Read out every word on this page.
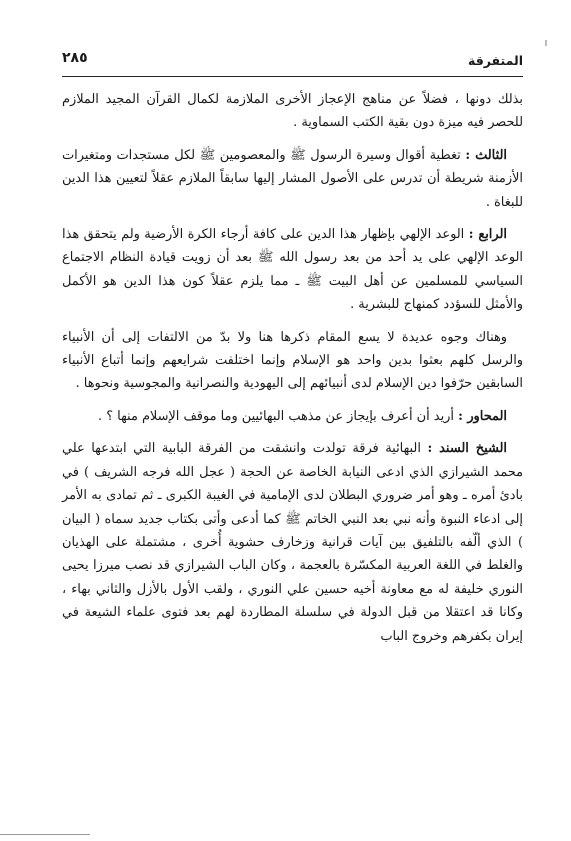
المتفرقة
٢٨٥

بذلك دونها ، فضلاً عن مناهج الإعجاز الأخرى الملازمة لكمال القرآن المجيد الملازم للحصر فيه ميزة دون بقية الكتب السماوية .

الثالث : تغطية أقوال وسيرة الرسول ﷺ والمعصومين ﷺ لكل مستجدات ومتغيرات الأزمنة شريطة أن تدرس على الأصول المشار إليها سابقاً الملازم عقلاً لتعيين هذا الدين للبغاة .

الرابع : الوعد الإلهي بإظهار هذا الدين على كافة أرجاء الكرة الأرضية ولم يتحقق هذا الوعد الإلهي على يد أحد من بعد رسول الله ﷺ بعد أن زويت قيادة النظام الاجتماع السياسي للمسلمين عن أهل البيت ﷺ ـ مما يلزم عقلاً كون هذا الدين هو الأكمل والأمثل للسؤدد كمنهاج للبشرية .

وهناك وجوه عديدة لا يسع المقام ذكرها هنا ولا بدّ من الالتفات إلى أن الأنبياء والرسل كلهم بعثوا بدين واحد هو الإسلام وإنما اختلفت شرايعهم وإنما أتباع الأنبياء السابقين حرّفوا دين الإسلام لدى أنبيائهم إلى اليهودية والنصرانية والمجوسية ونحوها .

المحاور : أريد أن أعرف بإيجاز عن مذهب البهائيين وما موقف الإسلام منها ؟ .

الشيخ السند : البهائية فرقة تولدت وانشقت من الفرقة البابية التي ابتدعها علي محمد الشيرازي الذي ادعى النيابة الخاصة عن الحجة ( عجل الله فرجه الشريف ) في بادئ أمره ـ وهو أمر ضروري البطلان لدى الإمامية في الغيبة الكبرى ـ ثم تمادى به الأمر إلى ادعاء النبوة وأنه نبي بعد النبي الخاتم ﷺ كما أدعى وأتى بكتاب جديد سماه ( البيان ) الذي ألّفه بالتلفيق بين آيات قرانية وزخارف حشوية أُخرى ، مشتملة على الهذيان والغلط في اللغة العربية المكسّرة بالعجمة ، وكان الباب الشيرازي قد نصب ميرزا يحيى النوري خليفة له مع معاونة أخيه حسين علي النوري ، ولقب الأول بالأزل والثاني بهاء ، وكانا قد اعتقلا من قبل الدولة في سلسلة المطاردة لهم بعد فتوى علماء الشيعة في إيران بكفرهم وخروج الباب
